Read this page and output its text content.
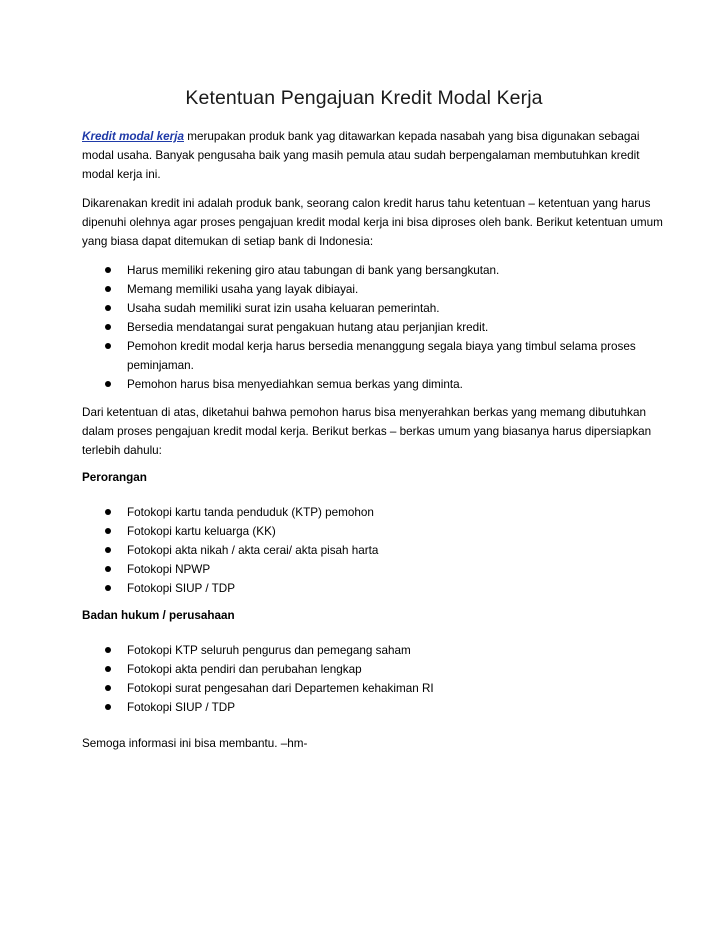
Ketentuan Pengajuan Kredit Modal Kerja

Kredit modal kerja merupakan produk bank yag ditawarkan kepada nasabah yang bisa digunakan sebagai modal usaha. Banyak pengusaha baik yang masih pemula atau sudah berpengalaman membutuhkan kredit modal kerja ini.

Dikarenakan kredit ini adalah produk bank, seorang calon kredit harus tahu ketentuan – ketentuan yang harus dipenuhi olehnya agar proses pengajuan kredit modal kerja ini bisa diproses oleh bank. Berikut ketentuan umum yang biasa dapat ditemukan di setiap bank di Indonesia:

Harus memiliki rekening giro atau tabungan di bank yang bersangkutan.
Memang memiliki usaha yang layak dibiayai.
Usaha sudah memiliki surat izin usaha keluaran pemerintah.
Bersedia mendatangai surat pengakuan hutang atau perjanjian kredit.
Pemohon kredit modal kerja harus bersedia menanggung segala biaya yang timbul selama proses peminjaman.
Pemohon harus bisa menyediahkan semua berkas yang diminta.

Dari ketentuan di atas, diketahui bahwa pemohon harus bisa menyerahkan berkas yang memang dibutuhkan dalam proses pengajuan kredit modal kerja. Berikut berkas – berkas umum yang biasanya harus dipersiapkan terlebih dahulu:

Perorangan

Fotokopi kartu tanda penduduk (KTP) pemohon
Fotokopi kartu keluarga (KK)
Fotokopi akta nikah / akta cerai/ akta pisah harta
Fotokopi NPWP
Fotokopi SIUP / TDP

Badan hukum / perusahaan

Fotokopi KTP seluruh pengurus dan pemegang saham
Fotokopi akta pendiri dan perubahan lengkap
Fotokopi surat pengesahan dari Departemen kehakiman RI
Fotokopi SIUP / TDP

Semoga informasi ini bisa membantu. –hm-
